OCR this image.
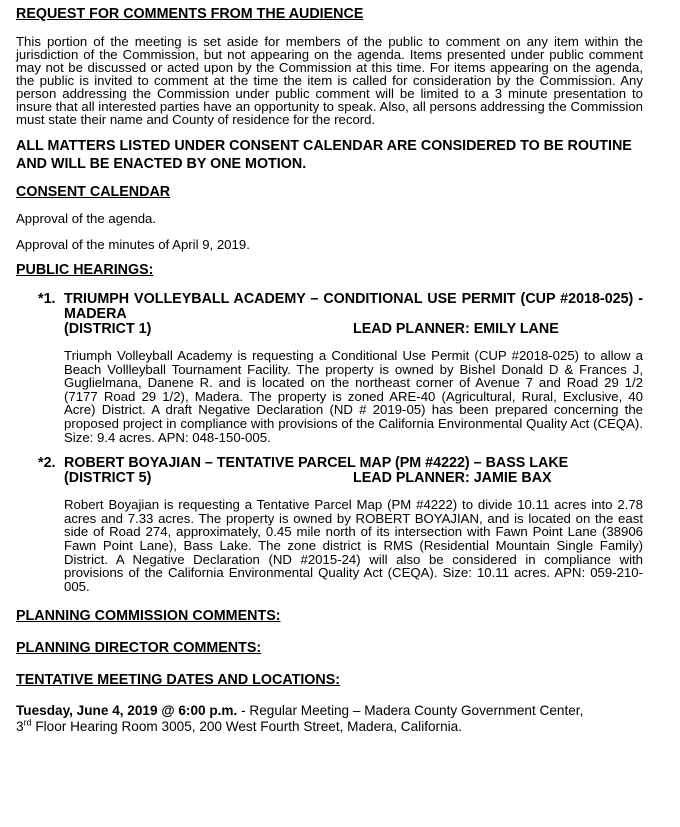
REQUEST FOR COMMENTS FROM THE AUDIENCE

This portion of the meeting is set aside for members of the public to comment on any item within the jurisdiction of the Commission, but not appearing on the agenda. Items presented under public comment may not be discussed or acted upon by the Commission at this time. For items appearing on the agenda, the public is invited to comment at the time the item is called for consideration by the Commission. Any person addressing the Commission under public comment will be limited to a 3 minute presentation to insure that all interested parties have an opportunity to speak. Also, all persons addressing the Commission must state their name and County of residence for the record.

ALL MATTERS LISTED UNDER CONSENT CALENDAR ARE CONSIDERED TO BE ROUTINE AND WILL BE ENACTED BY ONE MOTION.

CONSENT CALENDAR

Approval of the agenda.

Approval of the minutes of April 9, 2019.

PUBLIC HEARINGS:

*1. TRIUMPH VOLLEYBALL ACADEMY – CONDITIONAL USE PERMIT (CUP #2018-025) - MADERA
(DISTRICT 1)	LEAD PLANNER: EMILY LANE
Triumph Volleyball Academy is requesting a Conditional Use Permit (CUP #2018-025) to allow a Beach Vollleyball Tournament Facility. The property is owned by Bishel Donald D & Frances J, Guglielmana, Danene R. and is located on the northeast corner of Avenue 7 and Road 29 1/2 (7177 Road 29 1/2), Madera. The property is zoned ARE-40 (Agricultural, Rural, Exclusive, 40 Acre) District. A draft Negative Declaration (ND # 2019-05) has been prepared concerning the proposed project in compliance with provisions of the California Environmental Quality Act (CEQA). Size: 9.4 acres. APN: 048-150-005.
*2. ROBERT BOYAJIAN – TENTATIVE PARCEL MAP (PM #4222) – BASS LAKE
(DISTRICT 5)	LEAD PLANNER: JAMIE BAX
Robert Boyajian is requesting a Tentative Parcel Map (PM #4222) to divide 10.11 acres into 2.78 acres and 7.33 acres. The property is owned by ROBERT BOYAJIAN, and is located on the east side of Road 274, approximately, 0.45 mile north of its intersection with Fawn Point Lane (38906 Fawn Point Lane), Bass Lake. The zone district is RMS (Residential Mountain Single Family) District. A Negative Declaration (ND #2015-24) will also be considered in compliance with provisions of the California Environmental Quality Act (CEQA). Size: 10.11 acres. APN: 059-210-005.

PLANNING COMMISSION COMMENTS:

PLANNING DIRECTOR COMMENTS:

TENTATIVE MEETING DATES AND LOCATIONS:

Tuesday, June 4, 2019 @ 6:00 p.m. - Regular Meeting – Madera County Government Center,
3rd Floor Hearing Room 3005, 200 West Fourth Street, Madera, California.
